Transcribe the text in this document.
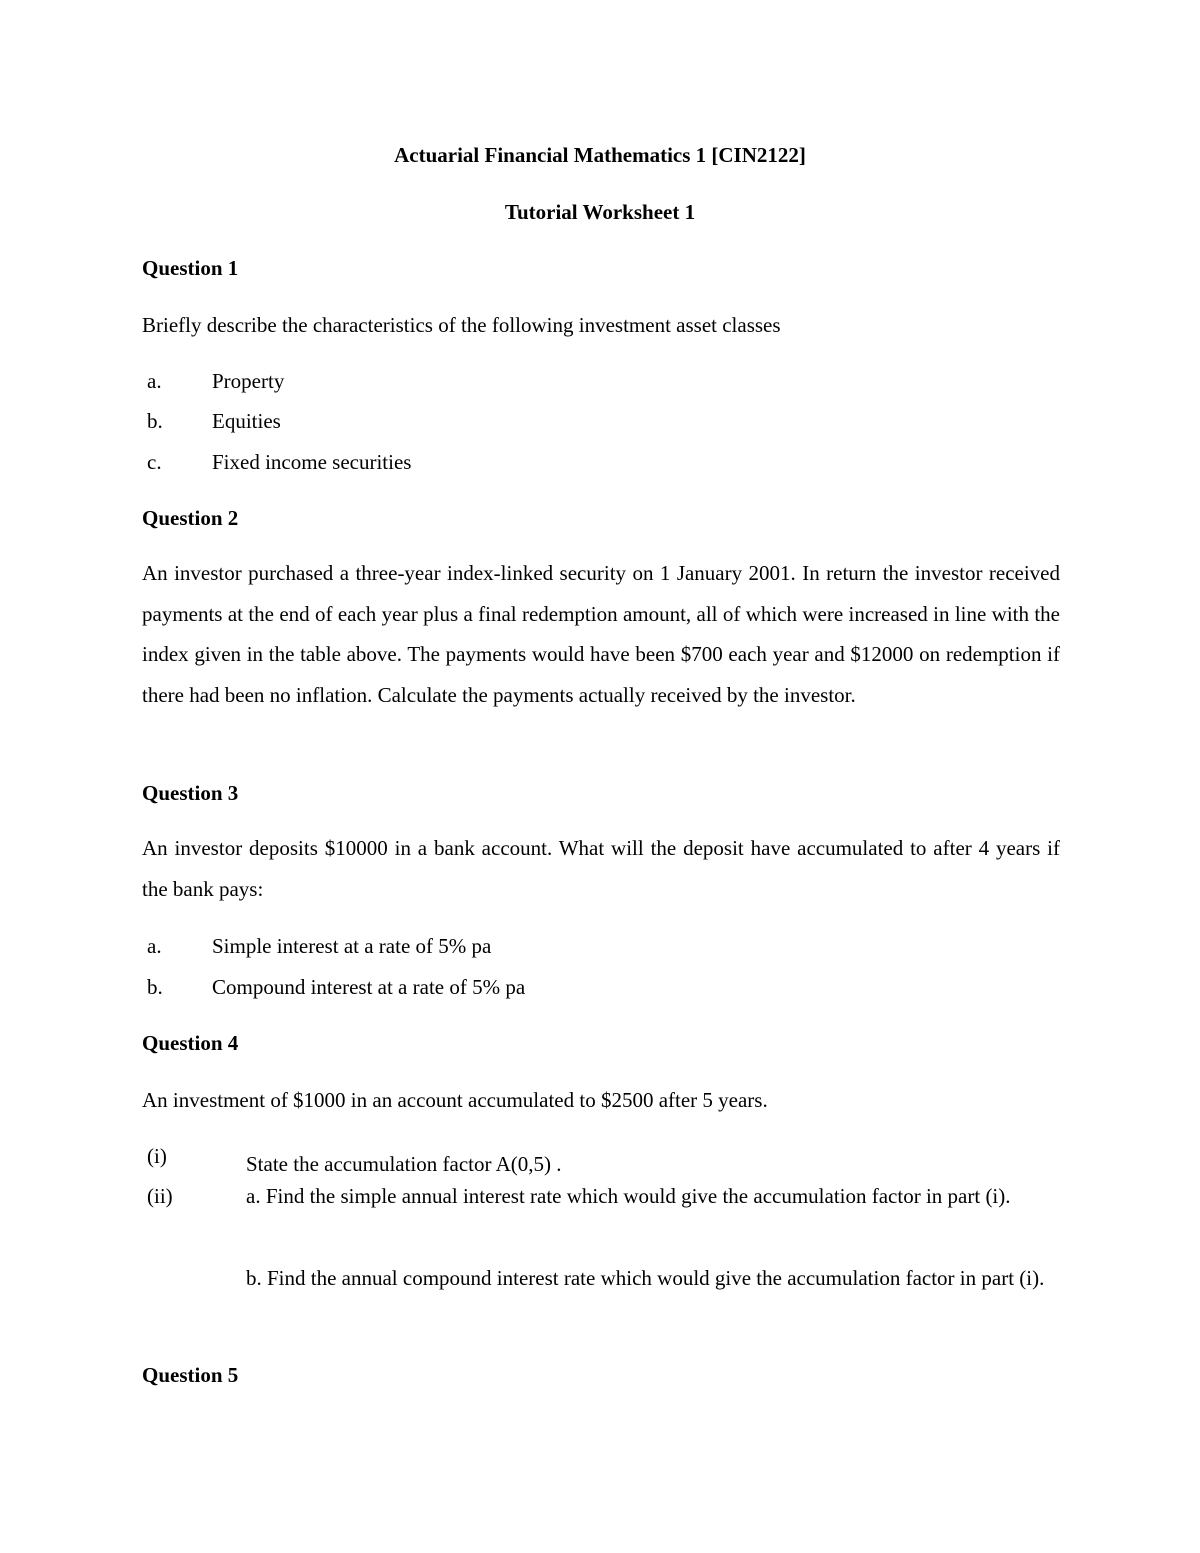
Actuarial Financial Mathematics 1 [CIN2122]
Tutorial Worksheet 1
Question 1
Briefly describe the characteristics of the following investment asset classes
a. Property
b. Equities
c. Fixed income securities
Question 2
An investor purchased a three-year index-linked security on 1 January 2001. In return the investor received payments at the end of each year plus a final redemption amount, all of which were increased in line with the index given in the table above. The payments would have been $700 each year and $12000 on redemption if there had been no inflation. Calculate the payments actually received by the investor.
Question 3
An investor deposits $10000 in a bank account. What will the deposit have accumulated to after 4 years if the bank pays:
a. Simple interest at a rate of 5% pa
b. Compound interest at a rate of 5% pa
Question 4
An investment of $1000 in an account accumulated to $2500 after 5 years.
(i)	State the accumulation factor A(0,5) .
(ii)	a. Find the simple annual interest rate which would give the accumulation factor in part (i).
b. Find the annual compound interest rate which would give the accumulation factor in part (i).
Question 5
